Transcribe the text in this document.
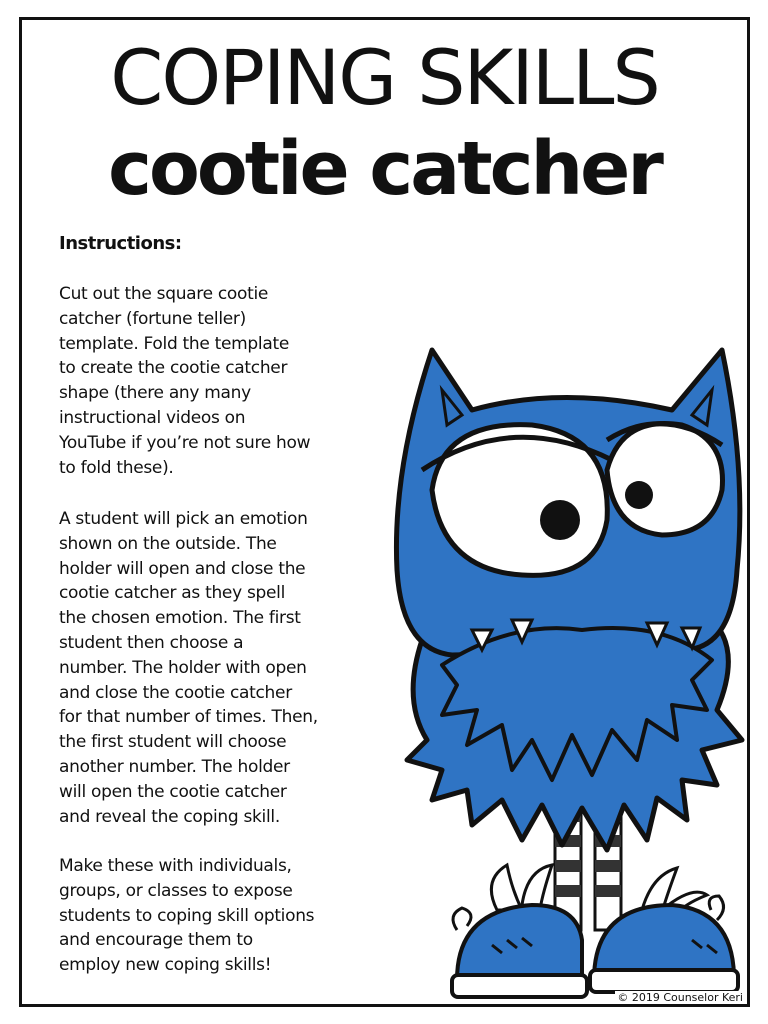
COPING SKILLS
cootie catcher
Instructions:

Cut out the square cootie
catcher (fortune teller)
template. Fold the template
to create the cootie catcher
shape (there any many
instructional videos on
YouTube if you’re not sure how
to fold these).

A student will pick an emotion
shown on the outside. The
holder will open and close the
cootie catcher as they spell
the chosen emotion. The first
student then choose a
number. The holder with open
and close the cootie catcher
for that number of times. Then,
the first student will choose
another number. The holder
will open the cootie catcher
and reveal the coping skill.

Make these with individuals,
groups, or classes to expose
students to coping skill options
and encourage them to
employ new coping skills!

© 2019 Counselor Keri
